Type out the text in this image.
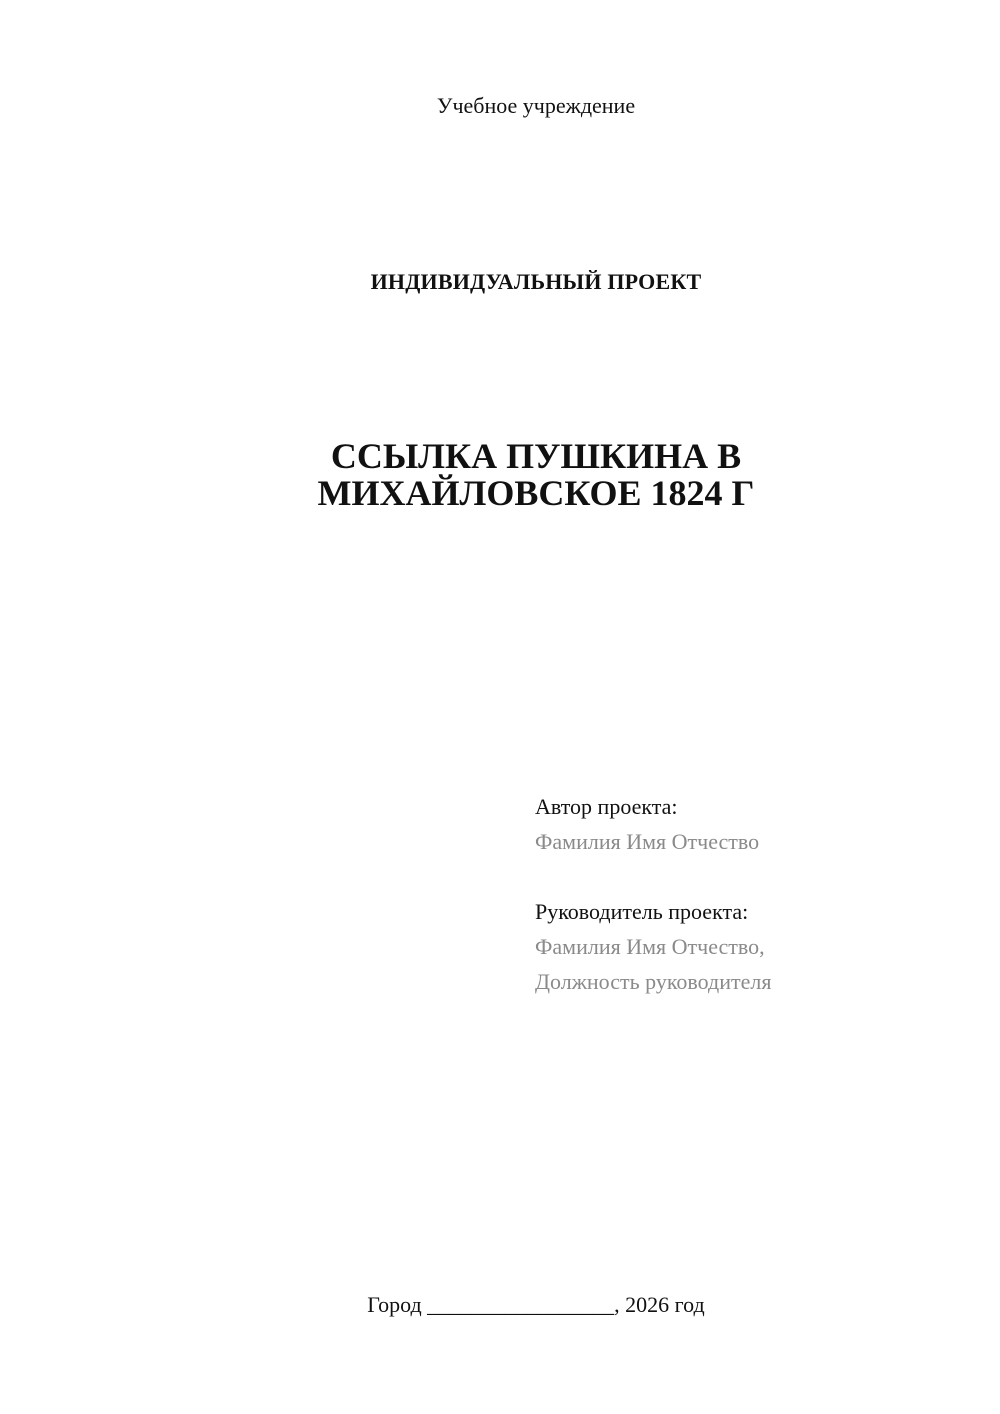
Учебное учреждение
ИНДИВИДУАЛЬНЫЙ ПРОЕКТ
ССЫЛКА ПУШКИНА В
МИХАЙЛОВСКОЕ 1824 Г
Автор проекта:
Фамилия Имя Отчество
Руководитель проекта:
Фамилия Имя Отчество,
Должность руководителя
Город _________________, 2026 год
